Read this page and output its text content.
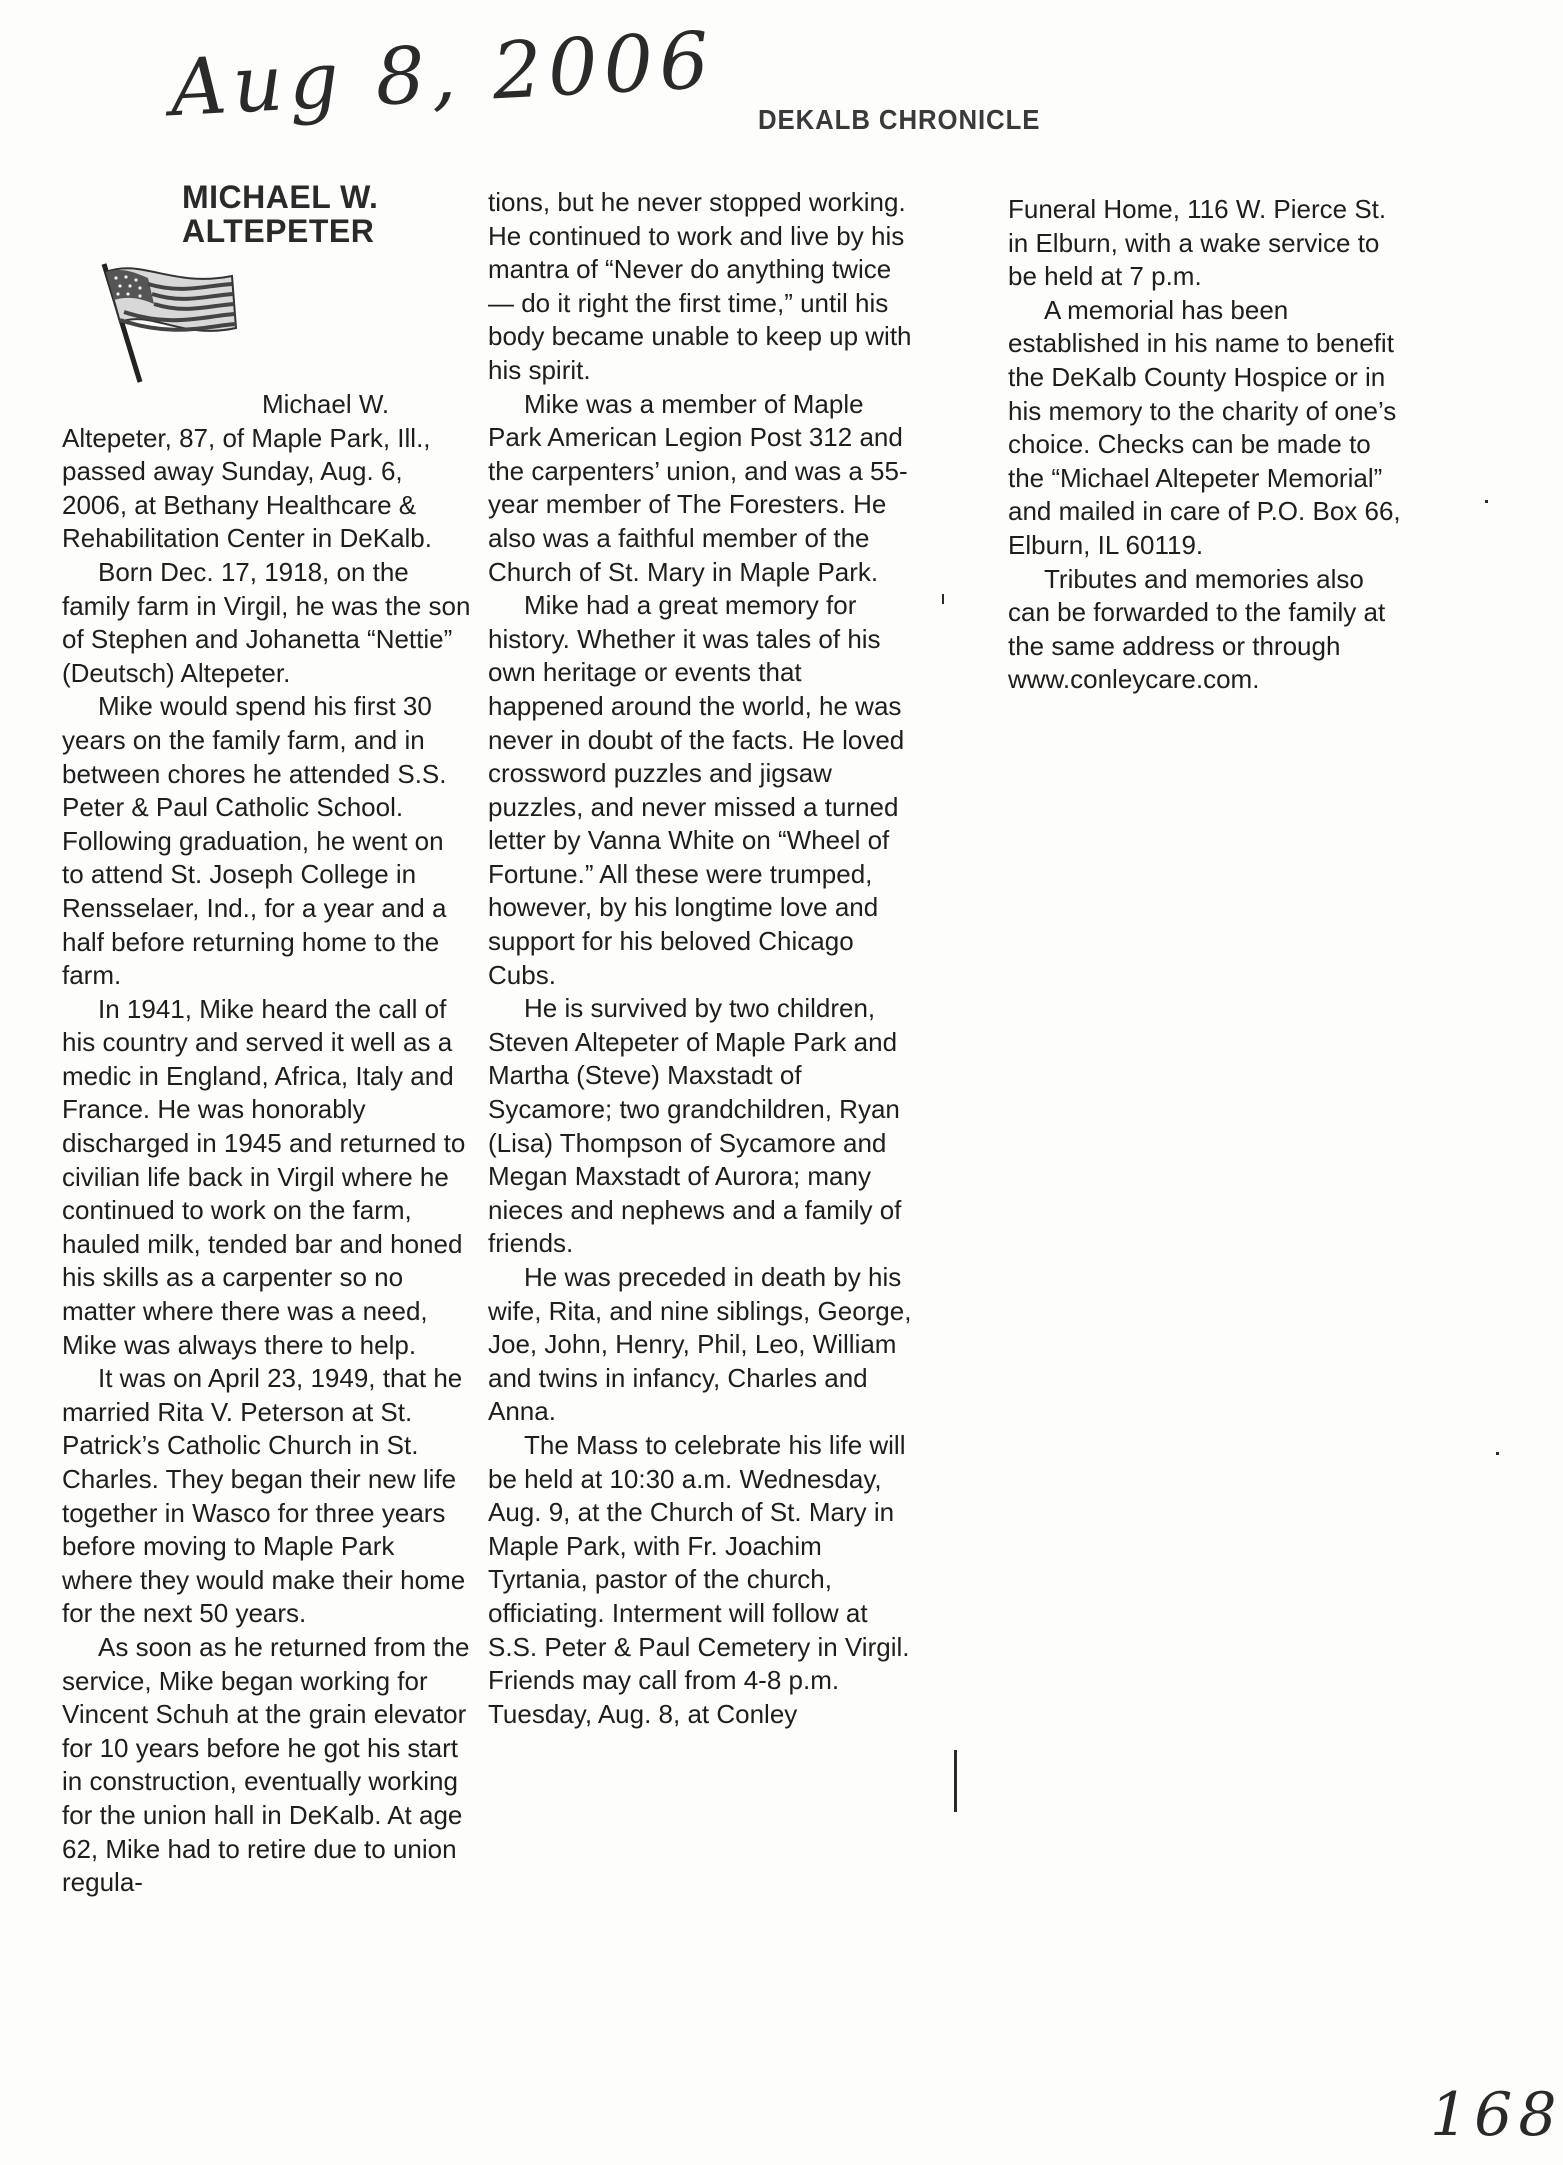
Aug 8, 2006 DEKALB CHRONICLE
MICHAEL W.
ALTEPETER

Michael W. Altepeter, 87, of Maple Park, Ill., passed away Sunday, Aug. 6, 2006, at Bethany Healthcare & Rehabilitation Center in DeKalb.

Born Dec. 17, 1918, on the family farm in Virgil, he was the son of Stephen and Johanetta “Nettie” (Deutsch) Altepeter.

Mike would spend his first 30 years on the family farm, and in between chores he attended S.S. Peter & Paul Catholic School. Following graduation, he went on to attend St. Joseph College in Rensselaer, Ind., for a year and a half before returning home to the farm.

In 1941, Mike heard the call of his country and served it well as a medic in England, Africa, Italy and France. He was honorably discharged in 1945 and returned to civilian life back in Virgil where he continued to work on the farm, hauled milk, tended bar and honed his skills as a carpenter so no matter where there was a need, Mike was always there to help.

It was on April 23, 1949, that he married Rita V. Peterson at St. Patrick’s Catholic Church in St. Charles. They began their new life together in Wasco for three years before moving to Maple Park where they would make their home for the next 50 years.

As soon as he returned from the service, Mike began working for Vincent Schuh at the grain elevator for 10 years before he got his start in construction, eventually working for the union hall in DeKalb. At age 62, Mike had to retire due to union regula-

tions, but he never stopped working. He continued to work and live by his mantra of “Never do anything twice — do it right the first time,” until his body became unable to keep up with his spirit.

Mike was a member of Maple Park American Legion Post 312 and the carpenters’ union, and was a 55-year member of The Foresters. He also was a faithful member of the Church of St. Mary in Maple Park.

Mike had a great memory for history. Whether it was tales of his own heritage or events that happened around the world, he was never in doubt of the facts. He loved crossword puzzles and jigsaw puzzles, and never missed a turned letter by Vanna White on “Wheel of Fortune.” All these were trumped, however, by his longtime love and support for his beloved Chicago Cubs.

He is survived by two children, Steven Altepeter of Maple Park and Martha (Steve) Maxstadt of Sycamore; two grandchildren, Ryan (Lisa) Thompson of Sycamore and Megan Maxstadt of Aurora; many nieces and nephews and a family of friends.

He was preceded in death by his wife, Rita, and nine siblings, George, Joe, John, Henry, Phil, Leo, William and twins in infancy, Charles and Anna.

The Mass to celebrate his life will be held at 10:30 a.m. Wednesday, Aug. 9, at the Church of St. Mary in Maple Park, with Fr. Joachim Tyrtania, pastor of the church, officiating. Interment will follow at S.S. Peter & Paul Cemetery in Virgil. Friends may call from 4-8 p.m. Tuesday, Aug. 8, at Conley

Funeral Home, 116 W. Pierce St. in Elburn, with a wake service to be held at 7 p.m.

A memorial has been established in his name to benefit the DeKalb County Hospice or in his memory to the charity of one’s choice. Checks can be made to the “Michael Altepeter Memorial” and mailed in care of P.O. Box 66, Elburn, IL 60119.

Tributes and memories also can be forwarded to the family at the same address or through www.conleycare.com.

168
